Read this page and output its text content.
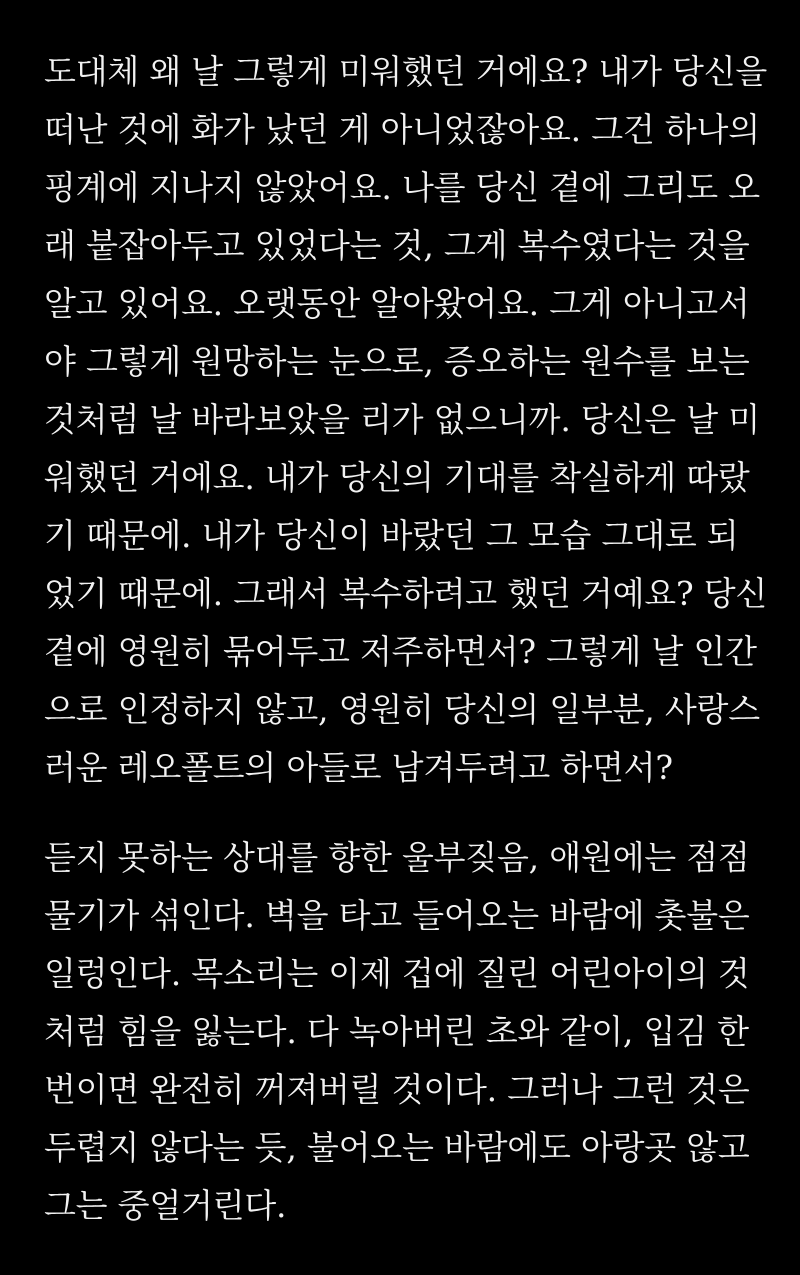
도대체 왜 날 그렇게 미워했던 거에요? 내가 당신을
떠난 것에 화가 났던 게 아니었잖아요. 그건 하나의
핑계에 지나지 않았어요. 나를 당신 곁에 그리도 오
래 붙잡아두고 있었다는 것, 그게 복수였다는 것을
알고 있어요. 오랫동안 알아왔어요. 그게 아니고서
야 그렇게 원망하는 눈으로, 증오하는 원수를 보는
것처럼 날 바라보았을 리가 없으니까. 당신은 날 미
워했던 거에요. 내가 당신의 기대를 착실하게 따랐
기 때문에. 내가 당신이 바랐던 그 모습 그대로 되
었기 때문에. 그래서 복수하려고 했던 거예요? 당신
곁에 영원히 묶어두고 저주하면서? 그렇게 날 인간
으로 인정하지 않고, 영원히 당신의 일부분, 사랑스
러운 레오폴트의 아들로 남겨두려고 하면서?
듣지 못하는 상대를 향한 울부짖음, 애원에는 점점
물기가 섞인다. 벽을 타고 들어오는 바람에 촛불은
일렁인다. 목소리는 이제 겁에 질린 어린아이의 것
처럼 힘을 잃는다. 다 녹아버린 초와 같이, 입김 한
번이면 완전히 꺼져버릴 것이다. 그러나 그런 것은
두렵지 않다는 듯, 불어오는 바람에도 아랑곳 않고
그는 중얼거린다.
